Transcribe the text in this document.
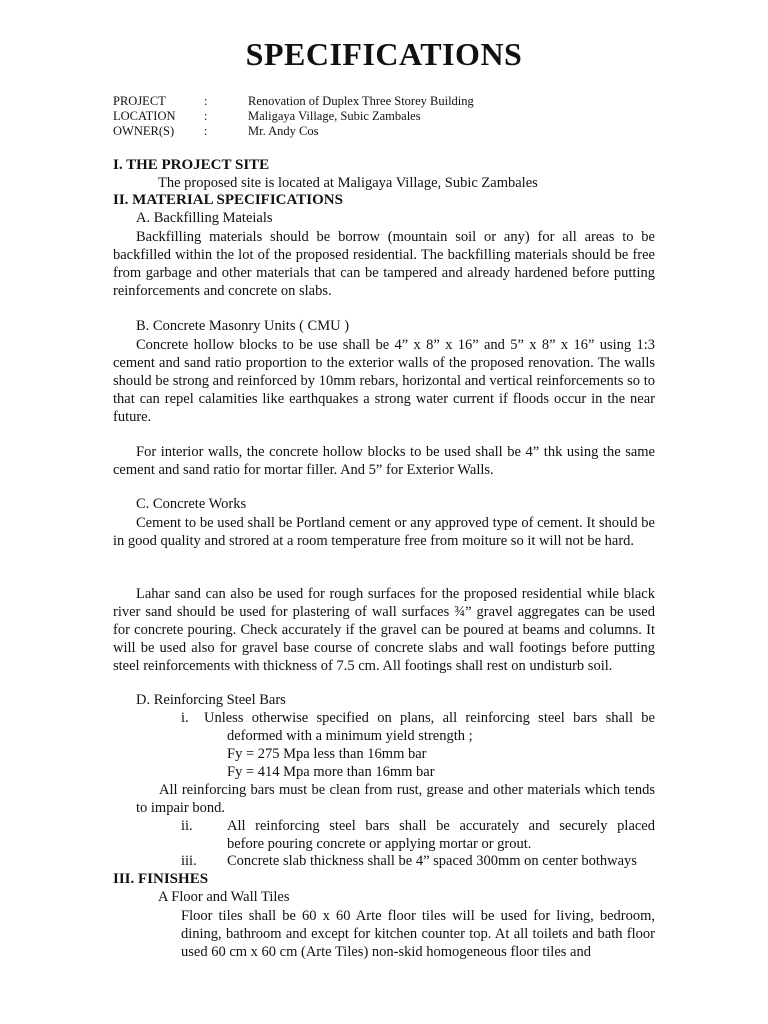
SPECIFICATIONS
PROJECT	:	Renovation of Duplex Three Storey Building
LOCATION :	Maligaya Village, Subic Zambales
OWNER(S) :	Mr. Andy Cos
I. THE PROJECT SITE
The proposed site is located at Maligaya Village, Subic Zambales
II. MATERIAL SPECIFICATIONS
A. Backfilling Mateials
Backfilling materials should be borrow (mountain soil or any) for all areas to be backfilled within the lot of the proposed residential. The backfilling materials should be free from garbage and other materials that can be tampered and already hardened before putting reinforcements and concrete on slabs.
B. Concrete Masonry Units ( CMU )
Concrete hollow blocks to be use shall be 4” x 8” x 16” and 5” x 8” x 16” using 1:3 cement and sand ratio proportion to the exterior walls of the proposed renovation. The walls should be strong and reinforced by 10mm rebars, horizontal and vertical reinforcements so to that can repel calamities like earthquakes a strong water current if floods occur in the near future.
For interior walls, the concrete hollow blocks to be used shall be 4” thk using the same cement and sand ratio for mortar filler. And 5” for Exterior Walls.
C. Concrete Works
Cement to be used shall be Portland cement or any approved type of cement. It should be in good quality and strored at a room temperature free from moiture so it will not be hard.
Lahar sand can also be used for rough surfaces for the proposed residential while black river sand should be used for plastering of wall surfaces ¾” gravel aggregates can be used for concrete pouring. Check accurately if the gravel can be poured at beams and columns. It will be used also for gravel base course of concrete slabs and wall footings before putting steel reinforcements with thickness of 7.5 cm. All footings shall rest on undisturb soil.
D. Reinforcing Steel Bars
i. Unless otherwise specified on plans, all reinforcing steel bars shall be
deformed with a minimum yield strength ;
Fy = 275 Mpa less than 16mm bar
Fy = 414 Mpa more than 16mm bar
All reinforcing bars must be clean from rust, grease and other materials which tends to impair bond.
ii. All reinforcing steel bars shall be accurately and securely placed
before pouring concrete or applying mortar or grout.
iii. Concrete slab thickness shall be 4” spaced 300mm on center bothways
III. FINISHES
A Floor and Wall Tiles
Floor tiles shall be 60 x 60 Arte floor tiles will be used for living, bedroom, dining, bathroom and except for kitchen counter top. At all toilets and bath floor used 60 cm x 60 cm (Arte Tiles) non-skid homogeneous floor tiles and
